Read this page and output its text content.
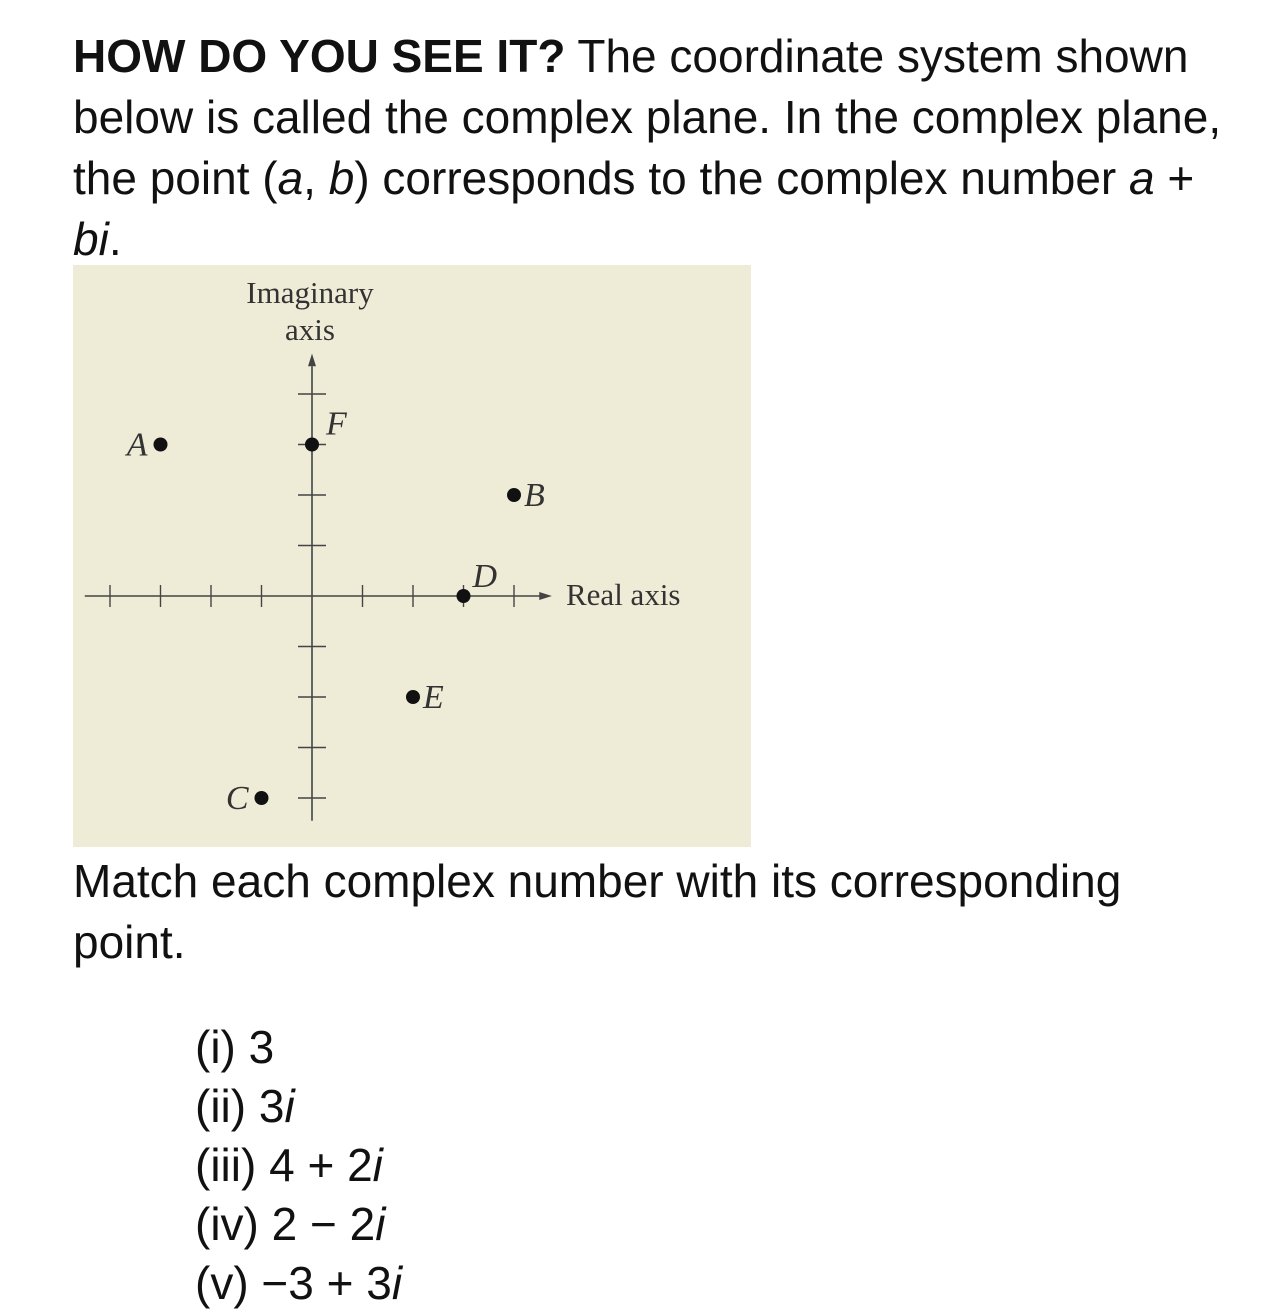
HOW DO YOU SEE IT? The coordinate system shown below is called the complex plane. In the complex plane, the point (a, b) corresponds to the complex number a + bi.

Imaginary
axis
Real axis
A
B
C
D
E
F

Match each complex number with its corresponding point.

(i) 3
(ii) 3i
(iii) 4 + 2i
(iv) 2 − 2i
(v) −3 + 3i
